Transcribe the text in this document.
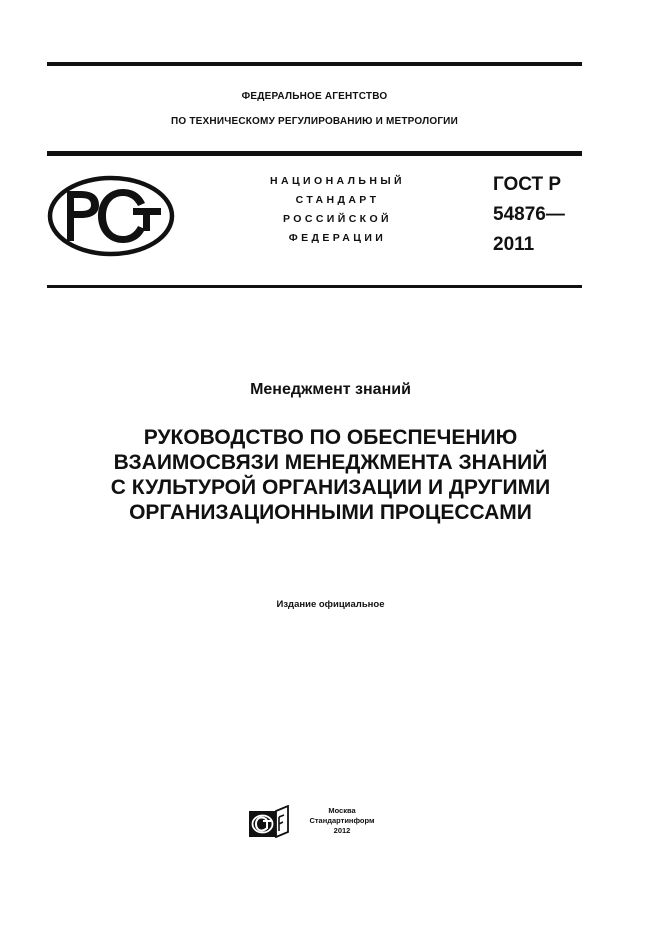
ФЕДЕРАЛЬНОЕ АГЕНТСТВО
ПО ТЕХНИЧЕСКОМУ РЕГУЛИРОВАНИЮ И МЕТРОЛОГИИ
НАЦИОНАЛЬНЫЙ
СТАНДАРТ
РОССИЙСКОЙ
ФЕДЕРАЦИИ
ГОСТ Р
54876—
2011
Менеджмент знаний
РУКОВОДСТВО ПО ОБЕСПЕЧЕНИЮ
ВЗАИМОСВЯЗИ МЕНЕДЖМЕНТА ЗНАНИЙ
С КУЛЬТУРОЙ ОРГАНИЗАЦИИ И ДРУГИМИ
ОРГАНИЗАЦИОННЫМИ ПРОЦЕССАМИ
Издание официальное
Москва
Стандартинформ
2012
